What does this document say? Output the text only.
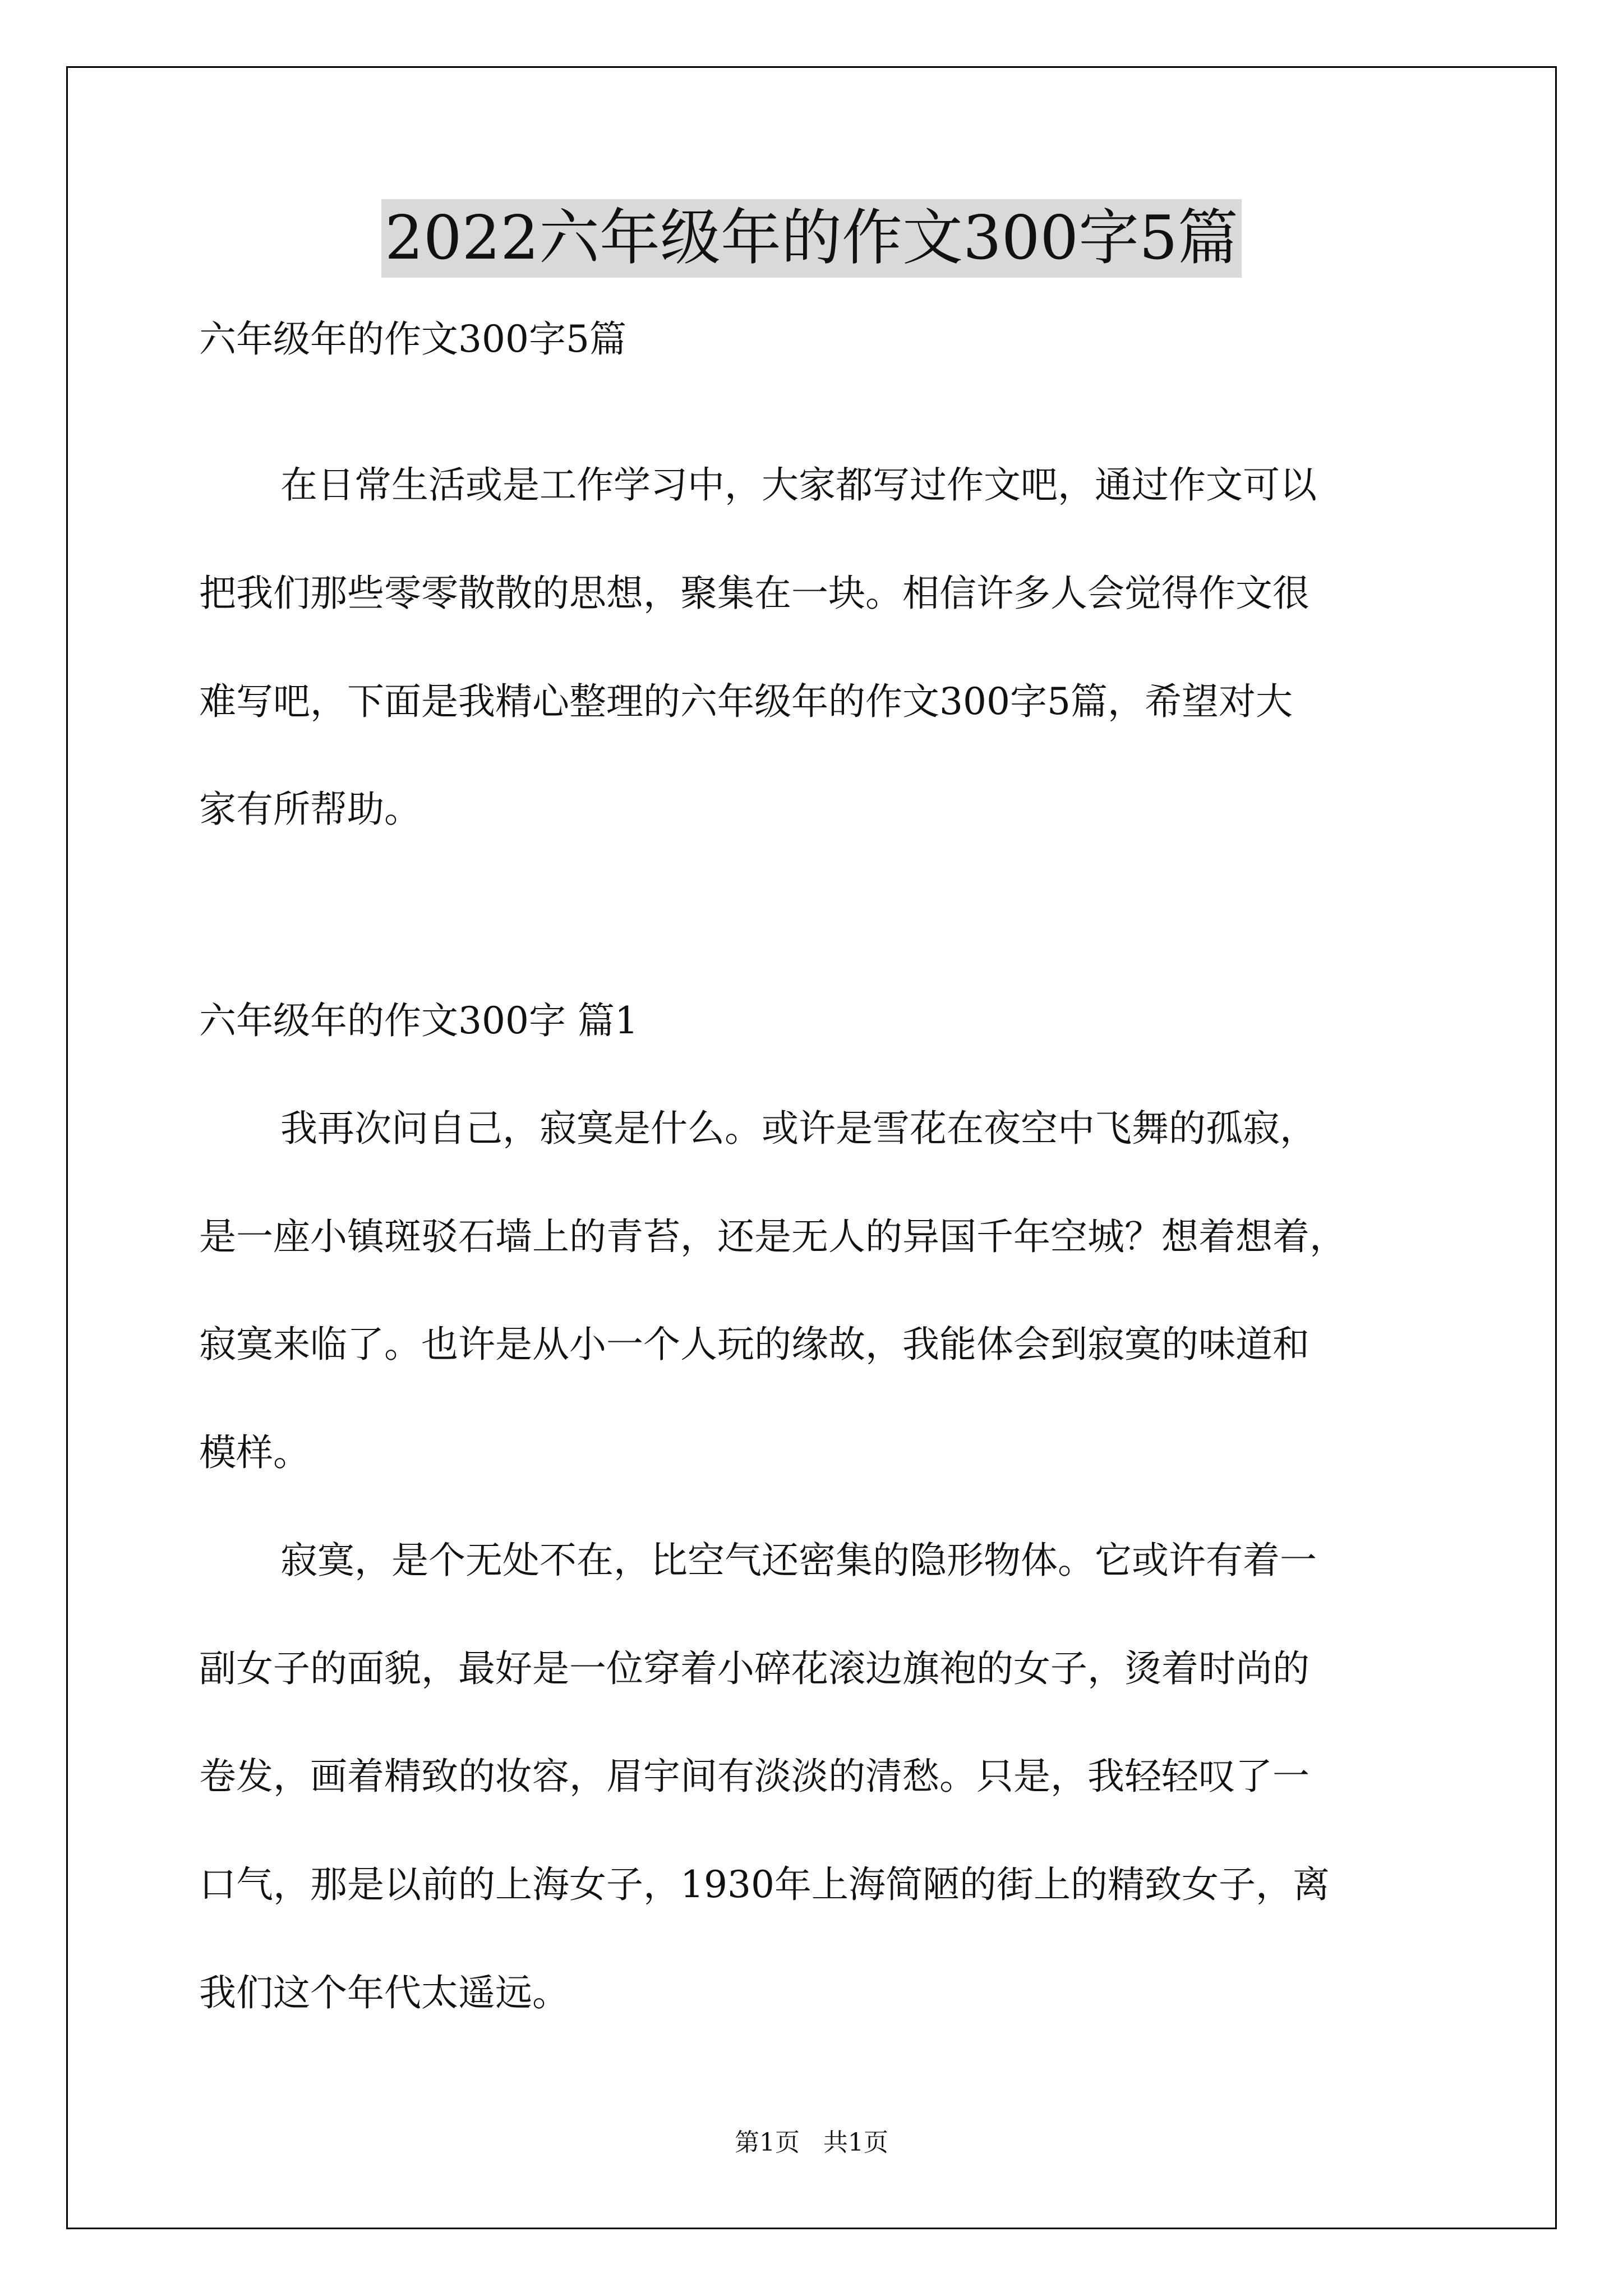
2022六年级年的作文300字5篇
六年级年的作文300字5篇
在日常生活或是工作学习中，大家都写过作文吧，通过作文可以
把我们那些零零散散的思想，聚集在一块。相信许多人会觉得作文很
难写吧，下面是我精心整理的六年级年的作文300字5篇，希望对大
家有所帮助。
六年级年的作文300字 篇1
我再次问自己，寂寞是什么。或许是雪花在夜空中飞舞的孤寂，
是一座小镇斑驳石墙上的青苔，还是无人的异国千年空城？想着想着，
寂寞来临了。也许是从小一个人玩的缘故，我能体会到寂寞的味道和
模样。
寂寞，是个无处不在，比空气还密集的隐形物体。它或许有着一
副女子的面貌，最好是一位穿着小碎花滚边旗袍的女子，烫着时尚的
卷发，画着精致的妆容，眉宇间有淡淡的清愁。只是，我轻轻叹了一
口气，那是以前的上海女子，1930年上海简陋的街上的精致女子，离
我们这个年代太遥远。
第1页 共1页
